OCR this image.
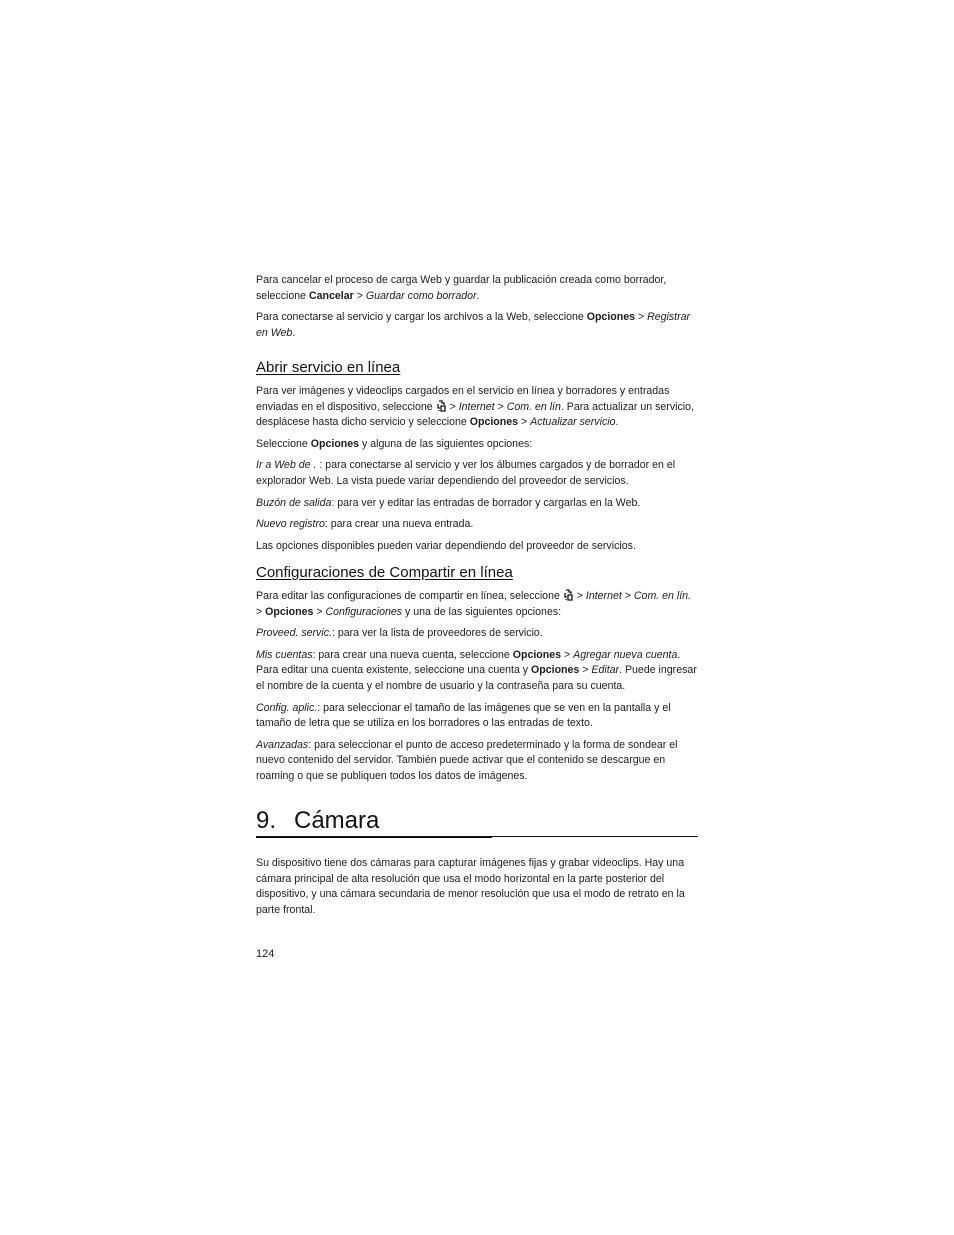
Para cancelar el proceso de carga Web y guardar la publicación creada como borrador, seleccione Cancelar > Guardar como borrador.

Para conectarse al servicio y cargar los archivos a la Web, seleccione Opciones > Registrar en Web.

Abrir servicio en línea

Para ver imágenes y videoclips cargados en el servicio en línea y borradores y entradas enviadas en el dispositivo, seleccione
> Internet > Com. en lín. Para actualizar un servicio, desplácese hasta dicho servicio y seleccione Opciones > Actualizar servicio.

Seleccione Opciones y alguna de las siguientes opciones:

Ir a Web de . : para conectarse al servicio y ver los álbumes cargados y de borrador en el explorador Web. La vista puede variar dependiendo del proveedor de servicios.

Buzón de salida: para ver y editar las entradas de borrador y cargarlas en la Web.

Nuevo registro: para crear una nueva entrada.

Las opciones disponibles pueden variar dependiendo del proveedor de servicios.

Configuraciones de Compartir en línea

Para editar las configuraciones de compartir en línea, seleccione
> Internet > Com. en lín. > Opciones > Configuraciones y una de las siguientes opciones:

Proveed. servic.: para ver la lista de proveedores de servicio.

Mis cuentas: para crear una nueva cuenta, seleccione Opciones > Agregar nueva cuenta. Para editar una cuenta existente, seleccione una cuenta y Opciones > Editar. Puede ingresar el nombre de la cuenta y el nombre de usuario y la contraseña para su cuenta.

Config. aplic.: para seleccionar el tamaño de las imágenes que se ven en la pantalla y el tamaño de letra que se utiliza en los borradores o las entradas de texto.

Avanzadas: para seleccionar el punto de acceso predeterminado y la forma de sondear el nuevo contenido del servidor. También puede activar que el contenido se descargue en roaming o que se publiquen todos los datos de imágenes.

9. Cámara

Su dispositivo tiene dos cámaras para capturar imágenes fijas y grabar videoclips. Hay una cámara principal de alta resolución que usa el modo horizontal en la parte posterior del dispositivo, y una cámara secundaria de menor resolución que usa el modo de retrato en la parte frontal.

124
